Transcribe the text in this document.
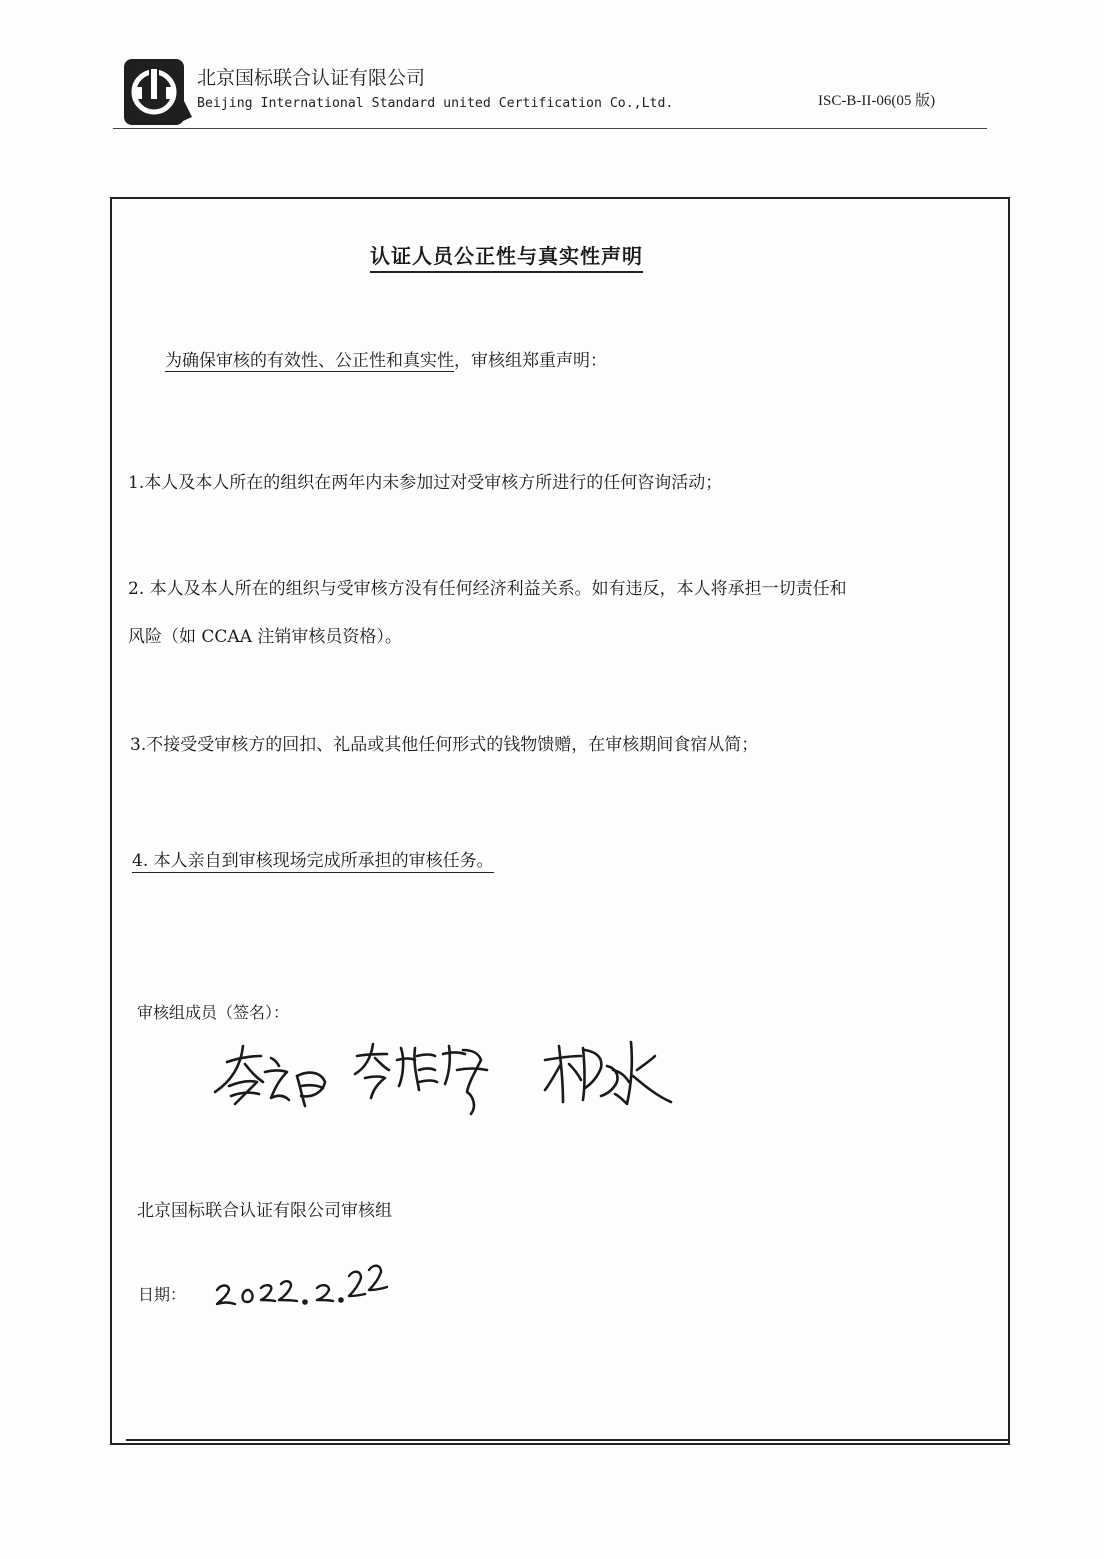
北京国标联合认证有限公司
Beijing International Standard united Certification Co.,Ltd.	ISC-B-II-06(05 版)
认证人员公正性与真实性声明
为确保审核的有效性、公正性和真实性，审核组郑重声明：
1.本人及本人所在的组织在两年内未参加过对受审核方所进行的任何咨询活动；
2. 本人及本人所在的组织与受审核方没有任何经济利益关系。如有违反，本人将承担一切责任和
风险（如 CCAA 注销审核员资格）。
3.不接受受审核方的回扣、礼品或其他任何形式的钱物馈赠，在审核期间食宿从简；
4. 本人亲自到审核现场完成所承担的审核任务。
审核组成员（签名）：
北京国标联合认证有限公司审核组
日期：
